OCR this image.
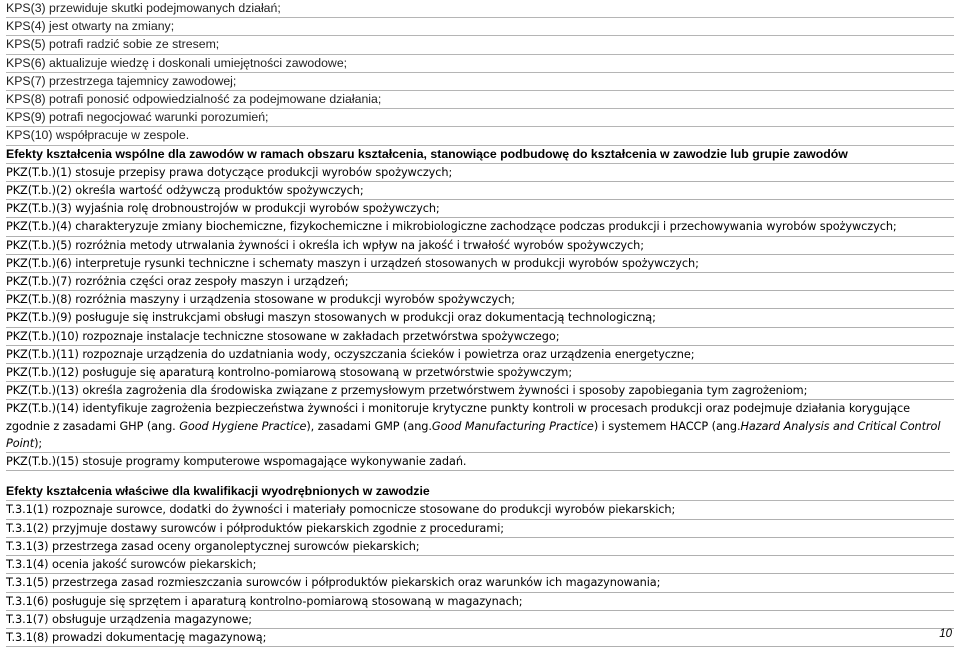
KPS(3) przewiduje skutki podejmowanych działań;

KPS(4) jest otwarty na zmiany;

KPS(5) potrafi radzić sobie ze stresem;

KPS(6) aktualizuje wiedzę i doskonali umiejętności zawodowe;

KPS(7) przestrzega tajemnicy zawodowej;

KPS(8) potrafi ponosić odpowiedzialność za podejmowane działania;

KPS(9) potrafi negocjować warunki porozumień;

KPS(10) współpracuje w zespole.

Efekty kształcenia wspólne dla zawodów w ramach obszaru kształcenia, stanowiące podbudowę do kształcenia w zawodzie lub grupie zawodów

PKZ(T.b.)(1) stosuje przepisy prawa dotyczące produkcji wyrobów spożywczych;

PKZ(T.b.)(2) określa wartość odżywczą produktów spożywczych;

PKZ(T.b.)(3) wyjaśnia rolę drobnoustrojów w produkcji wyrobów spożywczych;

PKZ(T.b.)(4) charakteryzuje zmiany biochemiczne, fizykochemiczne i mikrobiologiczne zachodzące podczas produkcji i przechowywania wyrobów spożywczych;

PKZ(T.b.)(5) rozróżnia metody utrwalania żywności i określa ich wpływ na jakość i trwałość wyrobów spożywczych;

PKZ(T.b.)(6) interpretuje rysunki techniczne i schematy maszyn i urządzeń stosowanych w produkcji wyrobów spożywczych;

PKZ(T.b.)(7) rozróżnia części oraz zespoły maszyn i urządzeń;

PKZ(T.b.)(8) rozróżnia maszyny i urządzenia stosowane w produkcji wyrobów spożywczych;

PKZ(T.b.)(9) posługuje się instrukcjami obsługi maszyn stosowanych w produkcji oraz dokumentacją technologiczną;

PKZ(T.b.)(10) rozpoznaje instalacje techniczne stosowane w zakładach przetwórstwa spożywczego;

PKZ(T.b.)(11) rozpoznaje urządzenia do uzdatniania wody, oczyszczania ścieków i powietrza oraz urządzenia energetyczne;

PKZ(T.b.)(12) posługuje się aparaturą kontrolno-pomiarową stosowaną w przetwórstwie spożywczym;

PKZ(T.b.)(13) określa zagrożenia dla środowiska związane z przemysłowym przetwórstwem żywności i sposoby zapobiegania tym zagrożeniom;

PKZ(T.b.)(14) identyfikuje zagrożenia bezpieczeństwa żywności i monitoruje krytyczne punkty kontroli w procesach produkcji oraz podejmuje działania korygujące zgodnie z zasadami GHP (ang. Good Hygiene Practice), zasadami GMP (ang.Good Manufacturing Practice) i systemem HACCP (ang.Hazard Analysis and Critical Control Point);

PKZ(T.b.)(15) stosuje programy komputerowe wspomagające wykonywanie zadań.

Efekty kształcenia właściwe dla kwalifikacji wyodrębnionych w zawodzie

T.3.1(1) rozpoznaje surowce, dodatki do żywności i materiały pomocnicze stosowane do produkcji wyrobów piekarskich;

T.3.1(2) przyjmuje dostawy surowców i półproduktów piekarskich zgodnie z procedurami;

T.3.1(3) przestrzega zasad oceny organoleptycznej surowców piekarskich;

T.3.1(4) ocenia jakość surowców piekarskich;

T.3.1(5) przestrzega zasad rozmieszczania surowców i półproduktów piekarskich oraz warunków ich magazynowania;

T.3.1(6) posługuje się sprzętem i aparaturą kontrolno-pomiarową stosowaną w magazynach;

T.3.1(7) obsługuje urządzenia magazynowe;

T.3.1(8) prowadzi dokumentację magazynową;	10
